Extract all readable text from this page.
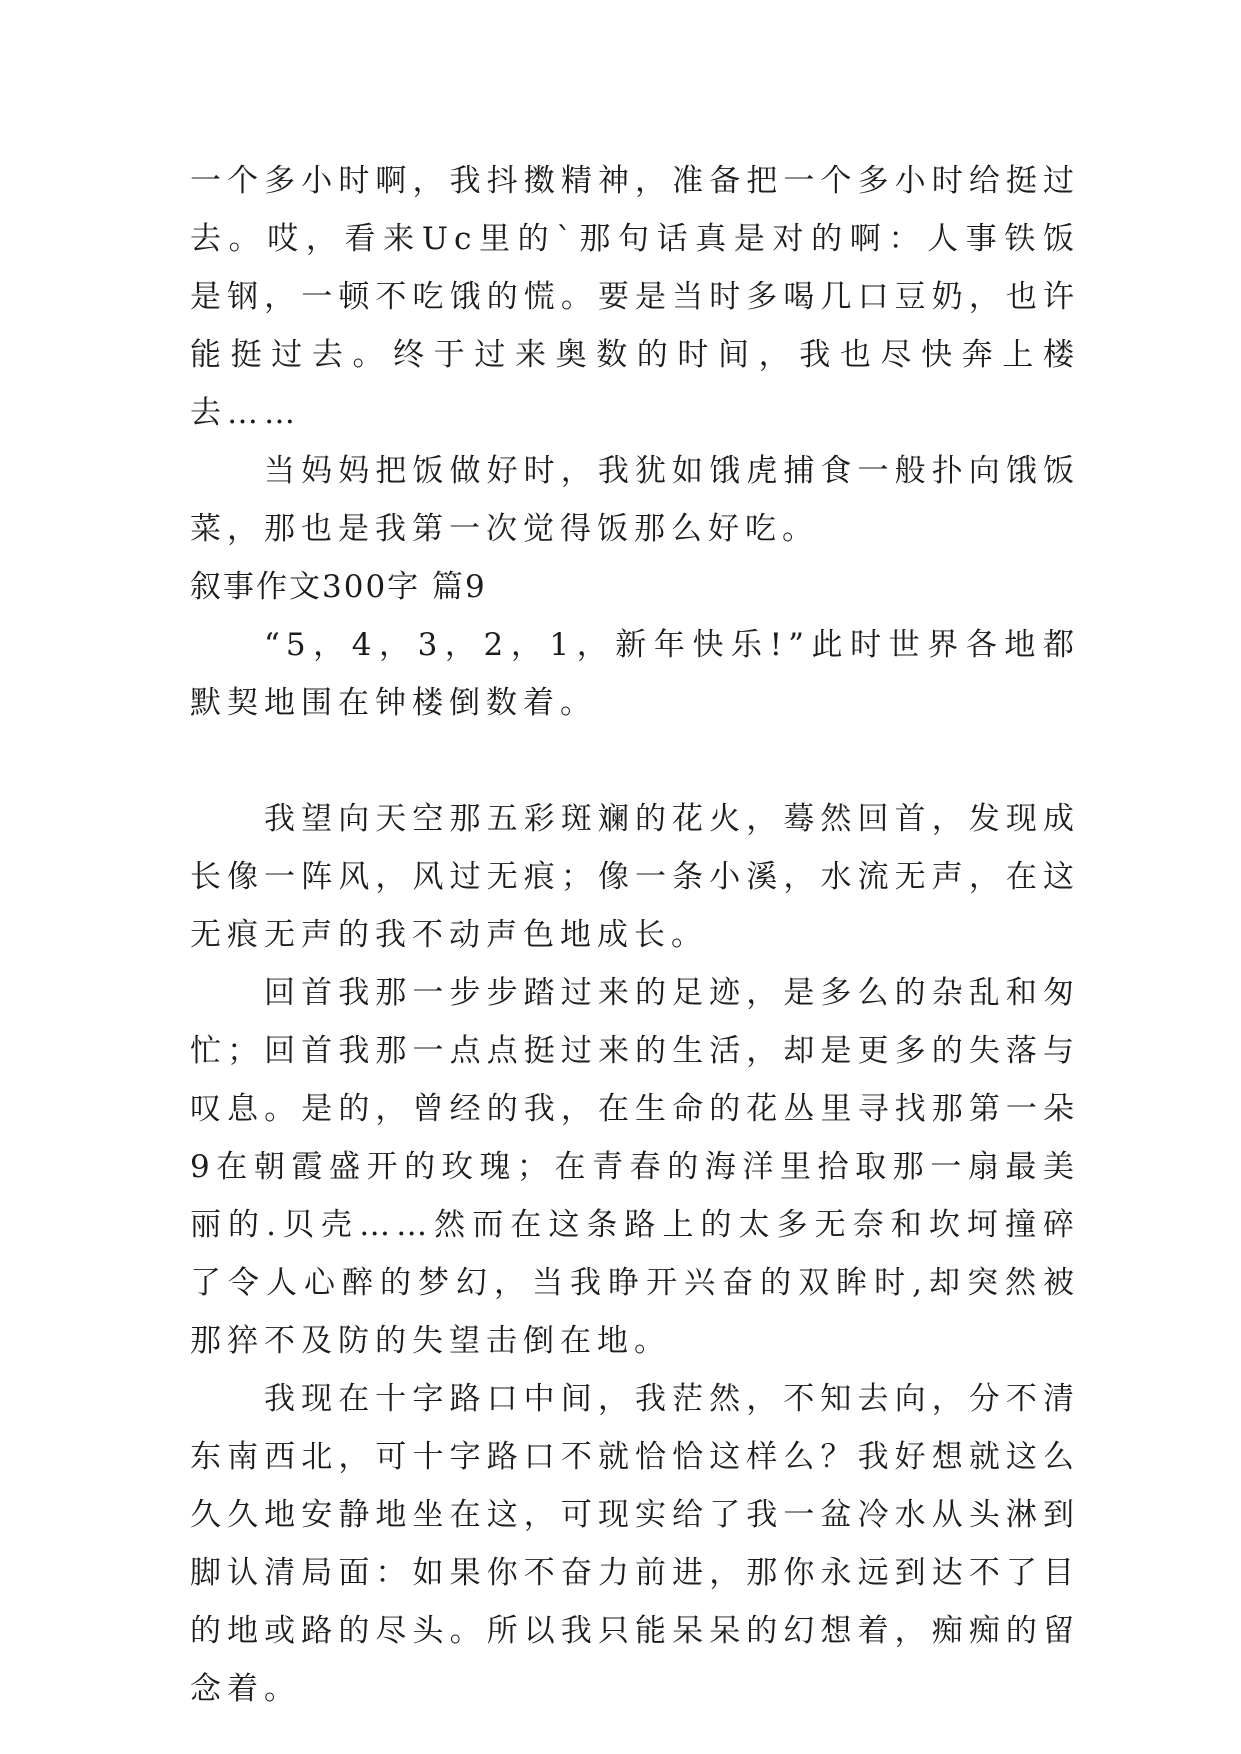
一个多小时啊，我抖擞精神，准备把一个多小时给挺过去。哎，看来Uc里的`那句话真是对的啊：人事铁饭是钢，一顿不吃饿的慌。要是当时多喝几口豆奶，也许能挺过去。终于过来奥数的时间，我也尽快奔上楼去……

当妈妈把饭做好时，我犹如饿虎捕食一般扑向饿饭菜，那也是我第一次觉得饭那么好吃。

叙事作文300字 篇9

“5，4，3，2，1，新年快乐!”此时世界各地都默契地围在钟楼倒数着。

我望向天空那五彩斑斓的花火，蓦然回首，发现成长像一阵风，风过无痕；像一条小溪，水流无声，在这无痕无声的我不动声色地成长。

回首我那一步步踏过来的足迹，是多么的杂乱和匆忙；回首我那一点点挺过来的生活，却是更多的失落与叹息。是的，曾经的我，在生命的花丛里寻找那第一朵9在朝霞盛开的玫瑰；在青春的海洋里拾取那一扇最美丽的.贝壳……然而在这条路上的太多无奈和坎坷撞碎了令人心醉的梦幻，当我睁开兴奋的双眸时,却突然被那猝不及防的失望击倒在地。

我现在十字路口中间，我茫然，不知去向，分不清东南西北，可十字路口不就恰恰这样么？我好想就这么久久地安静地坐在这，可现实给了我一盆冷水从头淋到脚认清局面：如果你不奋力前进，那你永远到达不了目的地或路的尽头。所以我只能呆呆的幻想着，痴痴的留念着。
